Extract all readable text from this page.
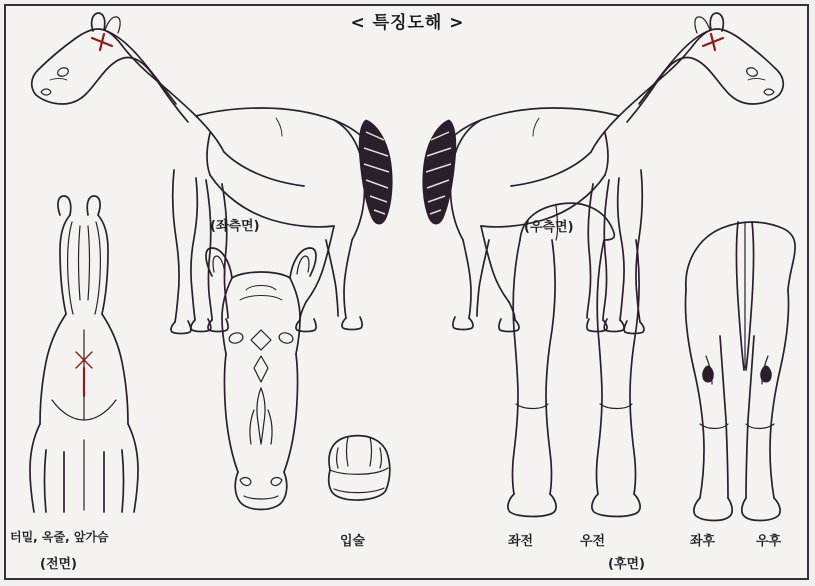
< 특징도해 >
(좌측면)	(우측면)
터밀, 옥줄, 앞가슴
(전면)
입술	좌전	우전	좌후	우후
(후면)
